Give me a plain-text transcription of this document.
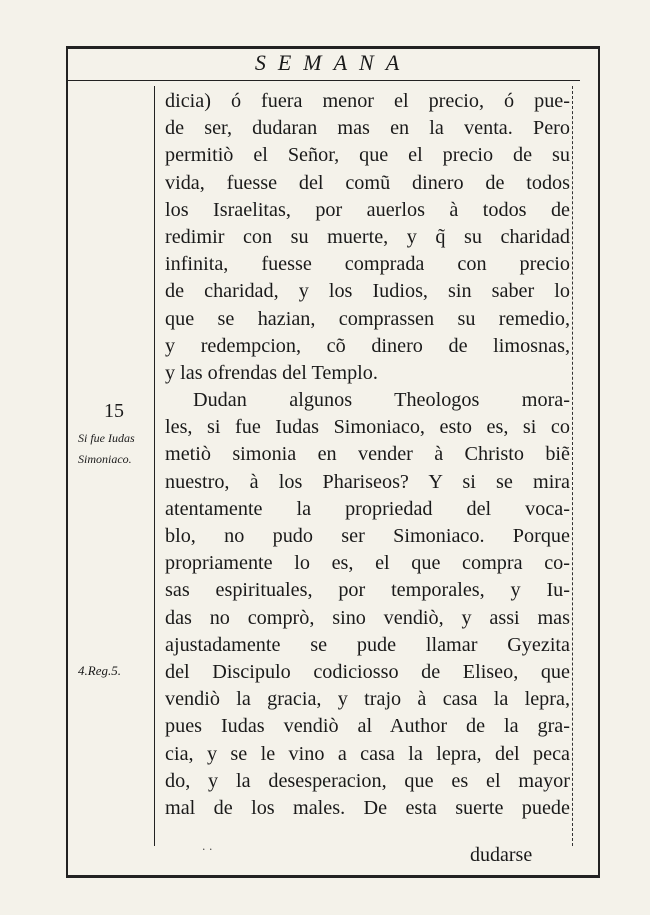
SEMANA
dicia) ó fuera menor el precio, ó pue-
de ser, dudaran mas en la venta. Pero
permitiò el Señor, que el precio de su
vida, fuesse del comũ dinero de todos
los Israelitas, por auerlos à todos de
redimir con su muerte, y q̃ su charidad
infinita, fuesse comprada con precio
de charidad, y los Iudios, sin saber lo
que se hazian, comprassen su remedio,
y redempcion, cõ dinero de limosnas,
y las ofrendas del Templo.
Dudan algunos Theologos mora-
les, si fue Iudas Simoniaco, esto es, si co
metiò simonia en vender à Christo biẽ
nuestro, à los Phariseos? Y si se mira
atentamente la propriedad del voca-
blo, no pudo ser Simoniaco. Porque
propriamente lo es, el que compra co-
sas espirituales, por temporales, y Iu-
das no comprò, sino vendiò, y assi mas
ajustadamente se pude llamar Gyezita
del Discipulo codiciosso de Eliseo, que
vendiò la gracia, y trajo à casa la lepra,
pues Iudas vendiò al Author de la gra-
cia, y se le vino a casa la lepra, del peca
do, y la desesperacion, que es el mayor
mal de los males. De esta suerte puede
15
Si fue Iudas Simoniaco.
4.Reg.5.
· ·	dudarse
